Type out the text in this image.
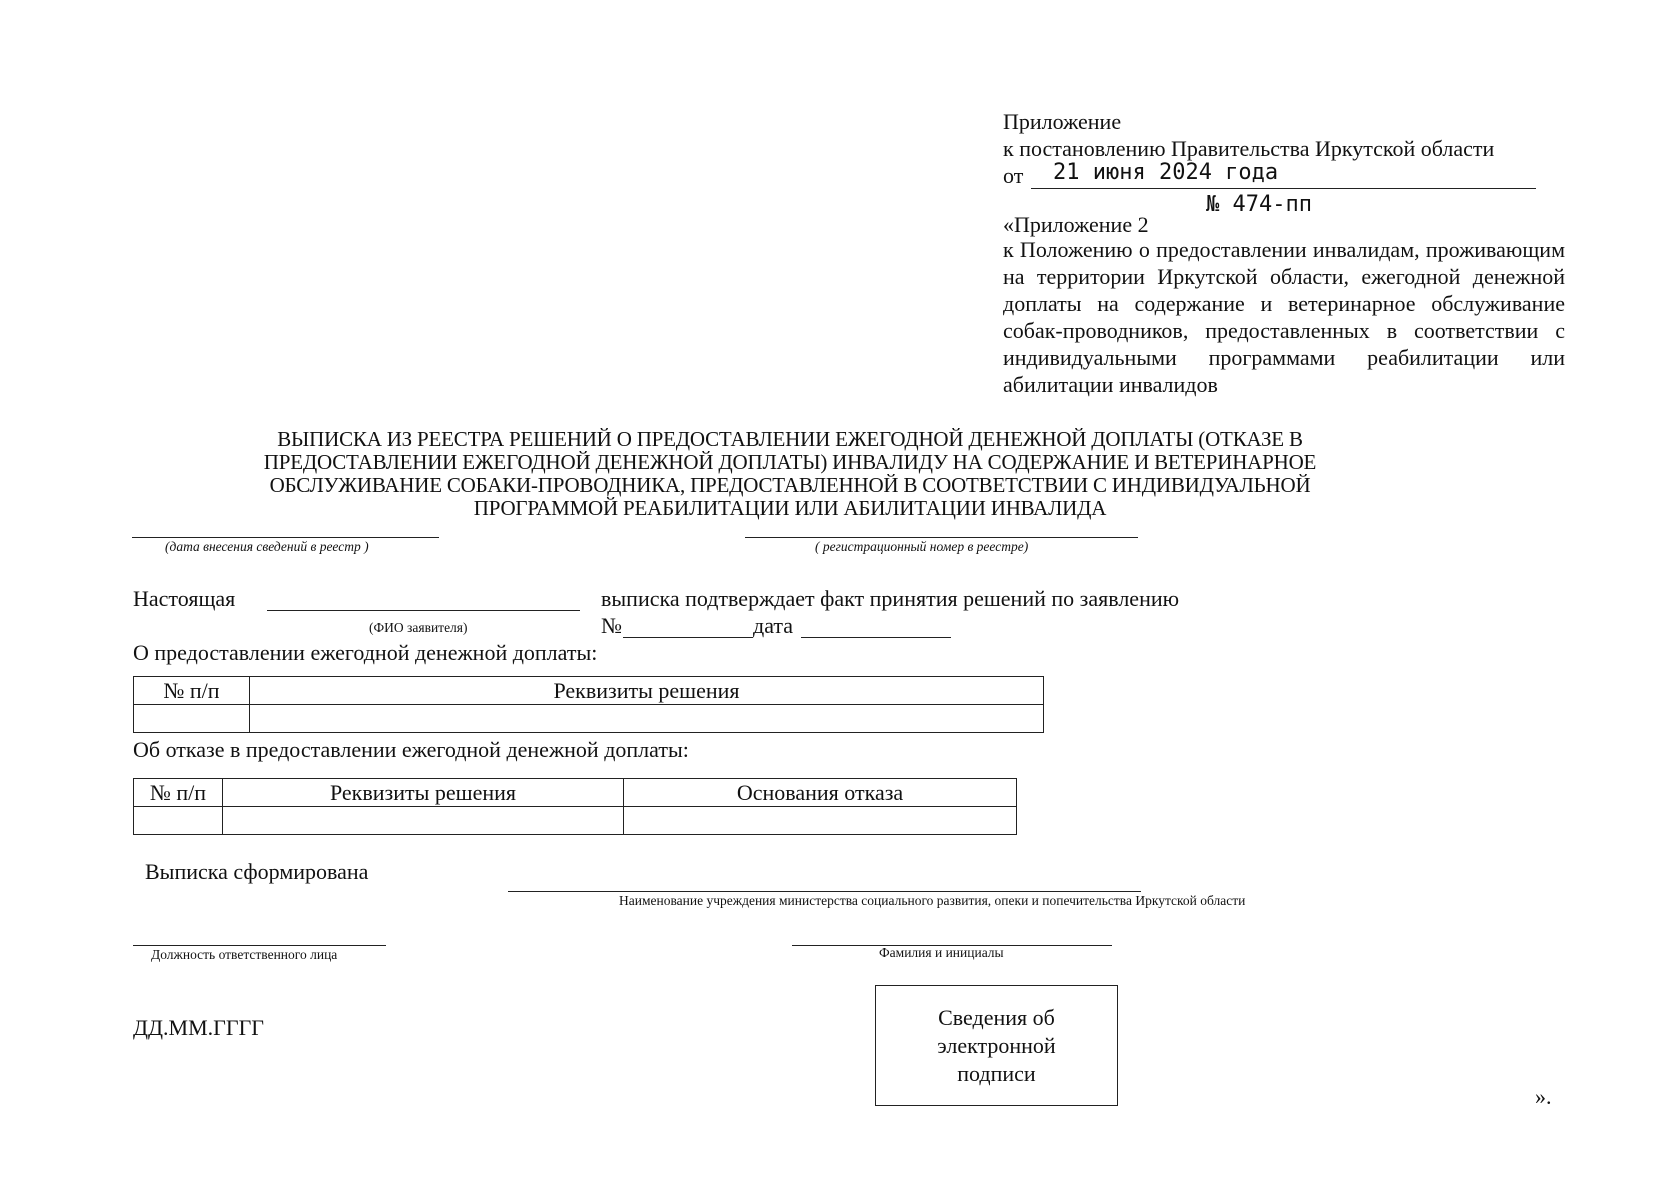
Приложение
к постановлению Правительства Иркутской области
от 21 июня 2024 года
№ 474-пп
«Приложение 2
к Положению о предоставлении инвалидам, проживающим на территории Иркутской области, ежегодной денежной доплаты на содержание и ветеринарное обслуживание собак-проводников, предоставленных в соответствии с индивидуальными программами реабилитации или абилитации инвалидов
ВЫПИСКА ИЗ РЕЕСТРА РЕШЕНИЙ О ПРЕДОСТАВЛЕНИИ ЕЖЕГОДНОЙ ДЕНЕЖНОЙ ДОПЛАТЫ (ОТКАЗЕ В
ПРЕДОСТАВЛЕНИИ ЕЖЕГОДНОЙ ДЕНЕЖНОЙ ДОПЛАТЫ) ИНВАЛИДУ НА СОДЕРЖАНИЕ И ВЕТЕРИНАРНОЕ
ОБСЛУЖИВАНИЕ СОБАКИ-ПРОВОДНИКА, ПРЕДОСТАВЛЕННОЙ В СООТВЕТСТВИИ С ИНДИВИДУАЛЬНОЙ
ПРОГРАММОЙ РЕАБИЛИТАЦИИ ИЛИ АБИЛИТАЦИИ ИНВАЛИДА
(дата внесения сведений в реестр )	( регистрационный номер в реестре)
Настоящая	выписка подтверждает факт принятия решений по заявлению
(ФИО заявителя)	№	дата
О предоставлении ежегодной денежной доплаты:
№ п/п	Реквизиты решения

Об отказе в предоставлении ежегодной денежной доплаты:
№ п/п	Реквизиты решения	Основания отказа

Выписка сформирована
Наименование учреждения министерства социального развития, опеки и попечительства Иркутской области
Должность ответственного лица	Фамилия и инициалы
ДД.ММ.ГГГГ	Сведения об
электронной
подписи
».
